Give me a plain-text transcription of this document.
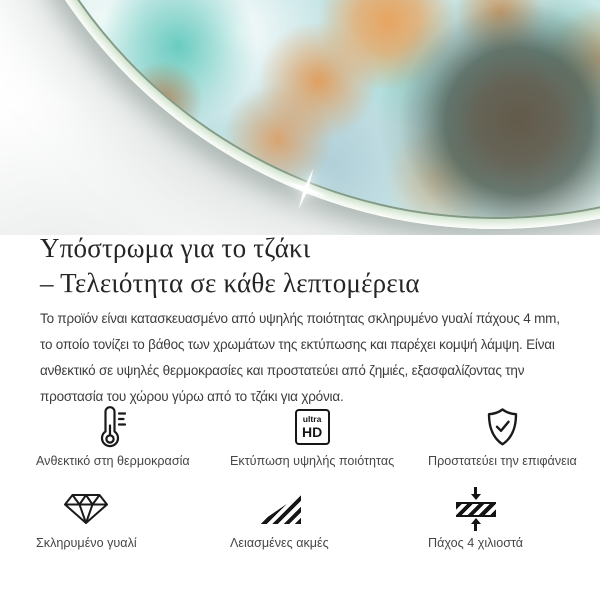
Υπόστρωμα για το τζάκι
– Τελειότητα σε κάθε λεπτομέρεια
Το προϊόν είναι κατασκευασμένο από υψηλής ποιότητας σκληρυμένο γυαλί πάχους 4 mm,
το οποίο τονίζει το βάθος των χρωμάτων της εκτύπωσης και παρέχει κομψή λάμψη. Είναι
ανθεκτικό σε υψηλές θερμοκρασίες και προστατεύει από ζημιές, εξασφαλίζοντας την
προστασία του χώρου γύρω από το τζάκι για χρόνια.
Ανθεκτικό στη θερμοκρασία
ultra
HD
Εκτύπωση υψηλής ποιότητας	Προστατεύει την επιφάνεια
Σκληρυμένο γυαλί	Λειασμένες ακμές	Πάχος 4 χιλιοστά
